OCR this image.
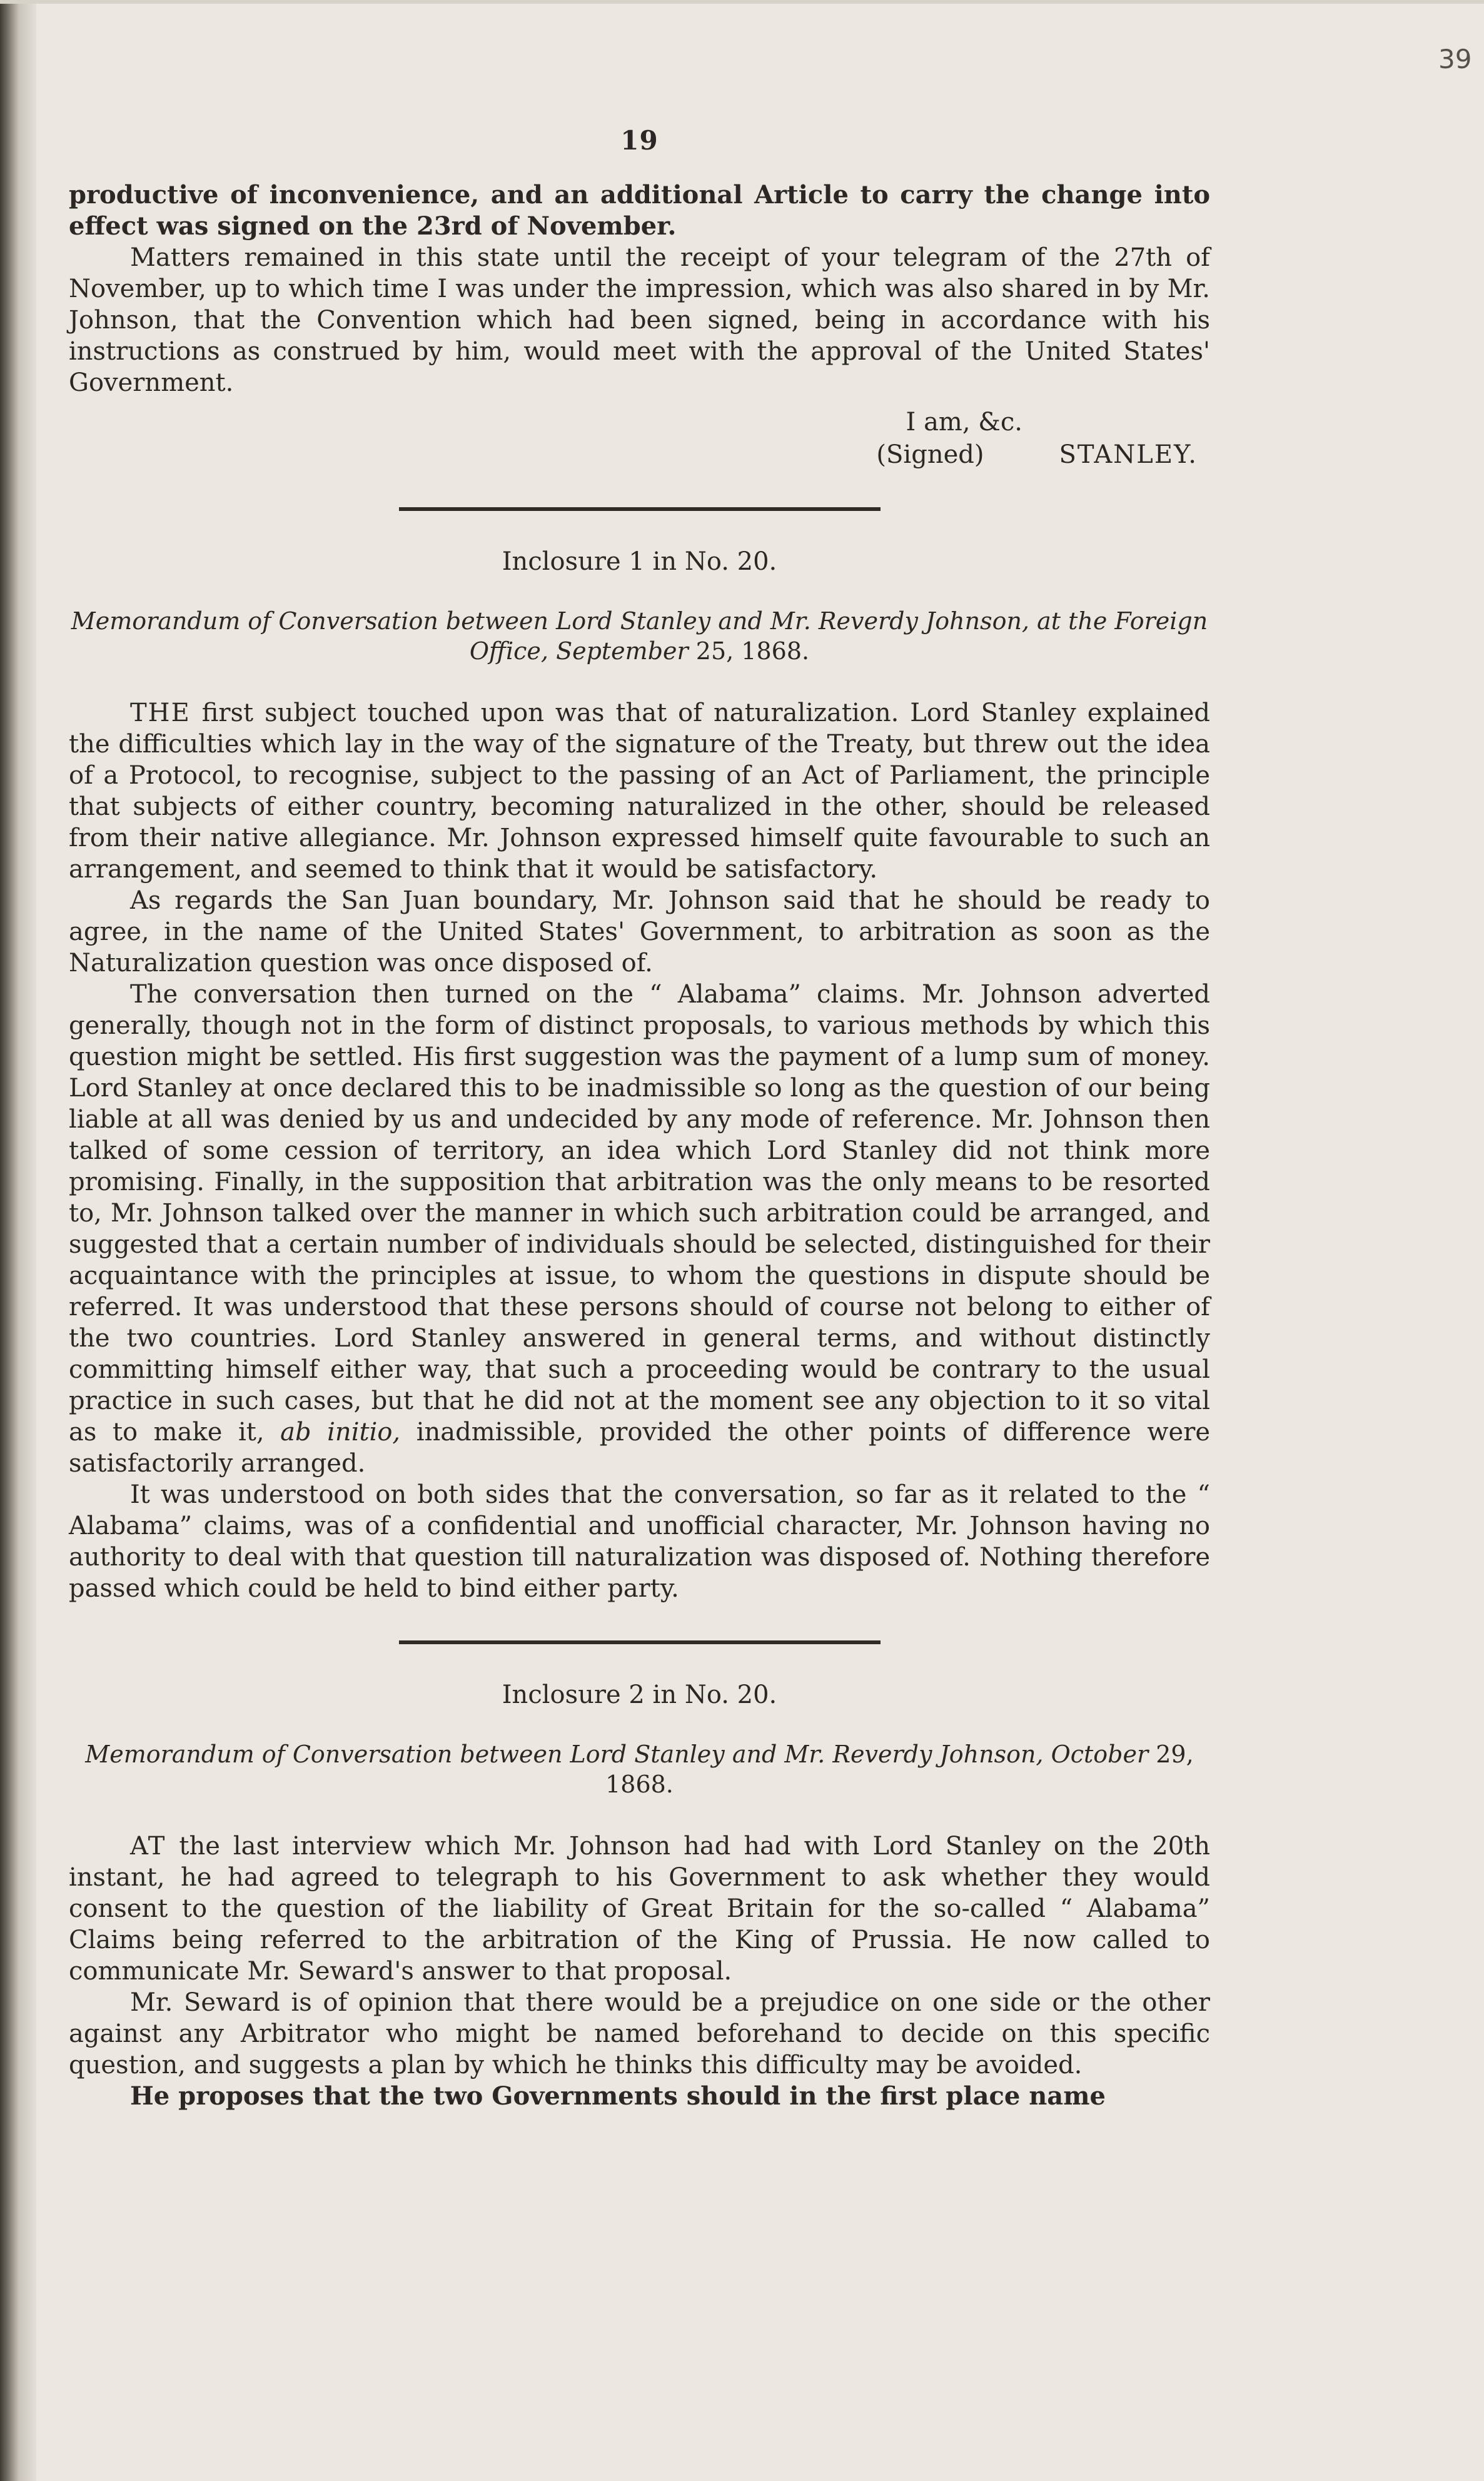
39
19

productive of inconvenience, and an additional Article to carry the change into effect was signed on the 23rd of November.

Matters remained in this state until the receipt of your telegram of the 27th of November, up to which time I was under the impression, which was also shared in by Mr. Johnson, that the Convention which had been signed, being in accordance with his instructions as construed by him, would meet with the approval of the United States' Government.

I am, &c.
(Signed)	STANLEY.
Inclosure 1 in No. 20.
Memorandum of Conversation between Lord Stanley and Mr. Reverdy Johnson, at the Foreign Office, September 25, 1868.

THE first subject touched upon was that of naturalization. Lord Stanley explained the difficulties which lay in the way of the signature of the Treaty, but threw out the idea of a Protocol, to recognise, subject to the passing of an Act of Parliament, the principle that subjects of either country, becoming naturalized in the other, should be released from their native allegiance. Mr. Johnson expressed himself quite favourable to such an arrangement, and seemed to think that it would be satisfactory.

As regards the San Juan boundary, Mr. Johnson said that he should be ready to agree, in the name of the United States' Government, to arbitration as soon as the Naturalization question was once disposed of.

The conversation then turned on the “ Alabama” claims. Mr. Johnson adverted generally, though not in the form of distinct proposals, to various methods by which this question might be settled. His first suggestion was the payment of a lump sum of money. Lord Stanley at once declared this to be inadmissible so long as the question of our being liable at all was denied by us and undecided by any mode of reference. Mr. Johnson then talked of some cession of territory, an idea which Lord Stanley did not think more promising. Finally, in the supposition that arbitration was the only means to be resorted to, Mr. Johnson talked over the manner in which such arbitration could be arranged, and suggested that a certain number of individuals should be selected, distinguished for their acquaintance with the principles at issue, to whom the questions in dispute should be referred. It was understood that these persons should of course not belong to either of the two countries. Lord Stanley answered in general terms, and without distinctly committing himself either way, that such a proceeding would be contrary to the usual practice in such cases, but that he did not at the moment see any objection to it so vital as to make it, ab initio, inadmissible, provided the other points of difference were satisfactorily arranged.

It was understood on both sides that the conversation, so far as it related to the “ Alabama” claims, was of a confidential and unofficial character, Mr. Johnson having no authority to deal with that question till naturalization was disposed of. Nothing therefore passed which could be held to bind either party.

Inclosure 2 in No. 20.
Memorandum of Conversation between Lord Stanley and Mr. Reverdy Johnson, October 29, 1868.

AT the last interview which Mr. Johnson had had with Lord Stanley on the 20th instant, he had agreed to telegraph to his Government to ask whether they would consent to the question of the liability of Great Britain for the so-called “ Alabama” Claims being referred to the arbitration of the King of Prussia. He now called to communicate Mr. Seward's answer to that proposal.

Mr. Seward is of opinion that there would be a prejudice on one side or the other against any Arbitrator who might be named beforehand to decide on this specific question, and suggests a plan by which he thinks this difficulty may be avoided.

He proposes that the two Governments should in the first place name
